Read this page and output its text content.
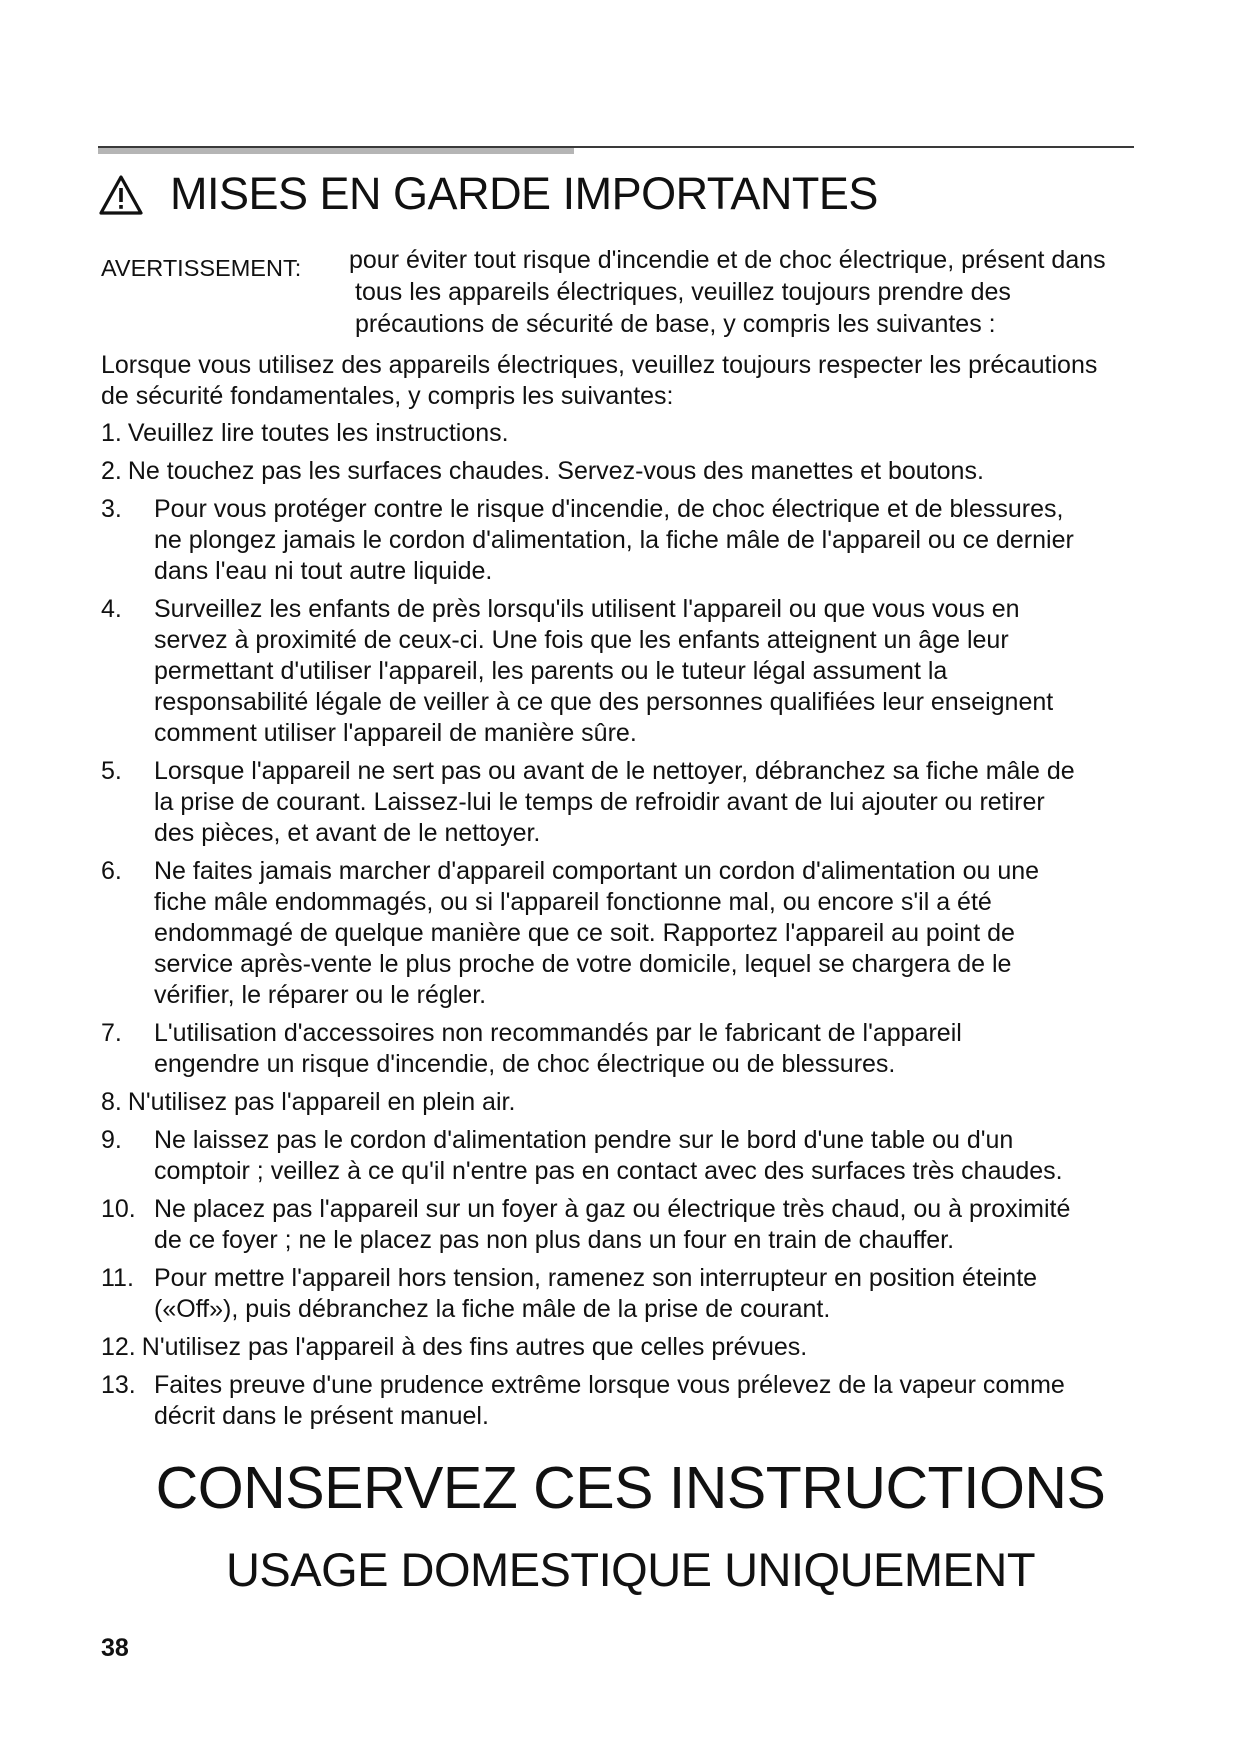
MISES EN GARDE IMPORTANTES
AVERTISSEMENT: pour éviter tout risque d'incendie et de choc électrique, présent dans
tous les appareils électriques, veuillez toujours prendre des
précautions de sécurité de base, y compris les suivantes :
Lorsque vous utilisez des appareils électriques, veuillez toujours respecter les précautions
de sécurité fondamentales, y compris les suivantes:
1. Veuillez lire toutes les instructions.
2. Ne touchez pas les surfaces chaudes. Servez-vous des manettes et boutons.
3. Pour vous protéger contre le risque d'incendie, de choc électrique et de blessures,
ne plongez jamais le cordon d'alimentation, la fiche mâle de l'appareil ou ce dernier
dans l'eau ni tout autre liquide.
4. Surveillez les enfants de près lorsqu'ils utilisent l'appareil ou que vous vous en
servez à proximité de ceux-ci. Une fois que les enfants atteignent un âge leur
permettant d'utiliser l'appareil, les parents ou le tuteur légal assument la
responsabilité légale de veiller à ce que des personnes qualifiées leur enseignent
comment utiliser l'appareil de manière sûre.
5. Lorsque l'appareil ne sert pas ou avant de le nettoyer, débranchez sa fiche mâle de
la prise de courant. Laissez-lui le temps de refroidir avant de lui ajouter ou retirer
des pièces, et avant de le nettoyer.
6. Ne faites jamais marcher d'appareil comportant un cordon d'alimentation ou une
fiche mâle endommagés, ou si l'appareil fonctionne mal, ou encore s'il a été
endommagé de quelque manière que ce soit. Rapportez l'appareil au point de
service après-vente le plus proche de votre domicile, lequel se chargera de le
vérifier, le réparer ou le régler.
7. L'utilisation d'accessoires non recommandés par le fabricant de l'appareil
engendre un risque d'incendie, de choc électrique ou de blessures.
8. N'utilisez pas l'appareil en plein air.
9. Ne laissez pas le cordon d'alimentation pendre sur le bord d'une table ou d'un
comptoir ; veillez à ce qu'il n'entre pas en contact avec des surfaces très chaudes.
10. Ne placez pas l'appareil sur un foyer à gaz ou électrique très chaud, ou à proximité
de ce foyer ; ne le placez pas non plus dans un four en train de chauffer.
11. Pour mettre l'appareil hors tension, ramenez son interrupteur en position éteinte
(«Off»), puis débranchez la fiche mâle de la prise de courant.
12. N'utilisez pas l'appareil à des fins autres que celles prévues.
13. Faites preuve d'une prudence extrême lorsque vous prélevez de la vapeur comme
décrit dans le présent manuel.
CONSERVEZ CES INSTRUCTIONS
USAGE DOMESTIQUE UNIQUEMENT
38
